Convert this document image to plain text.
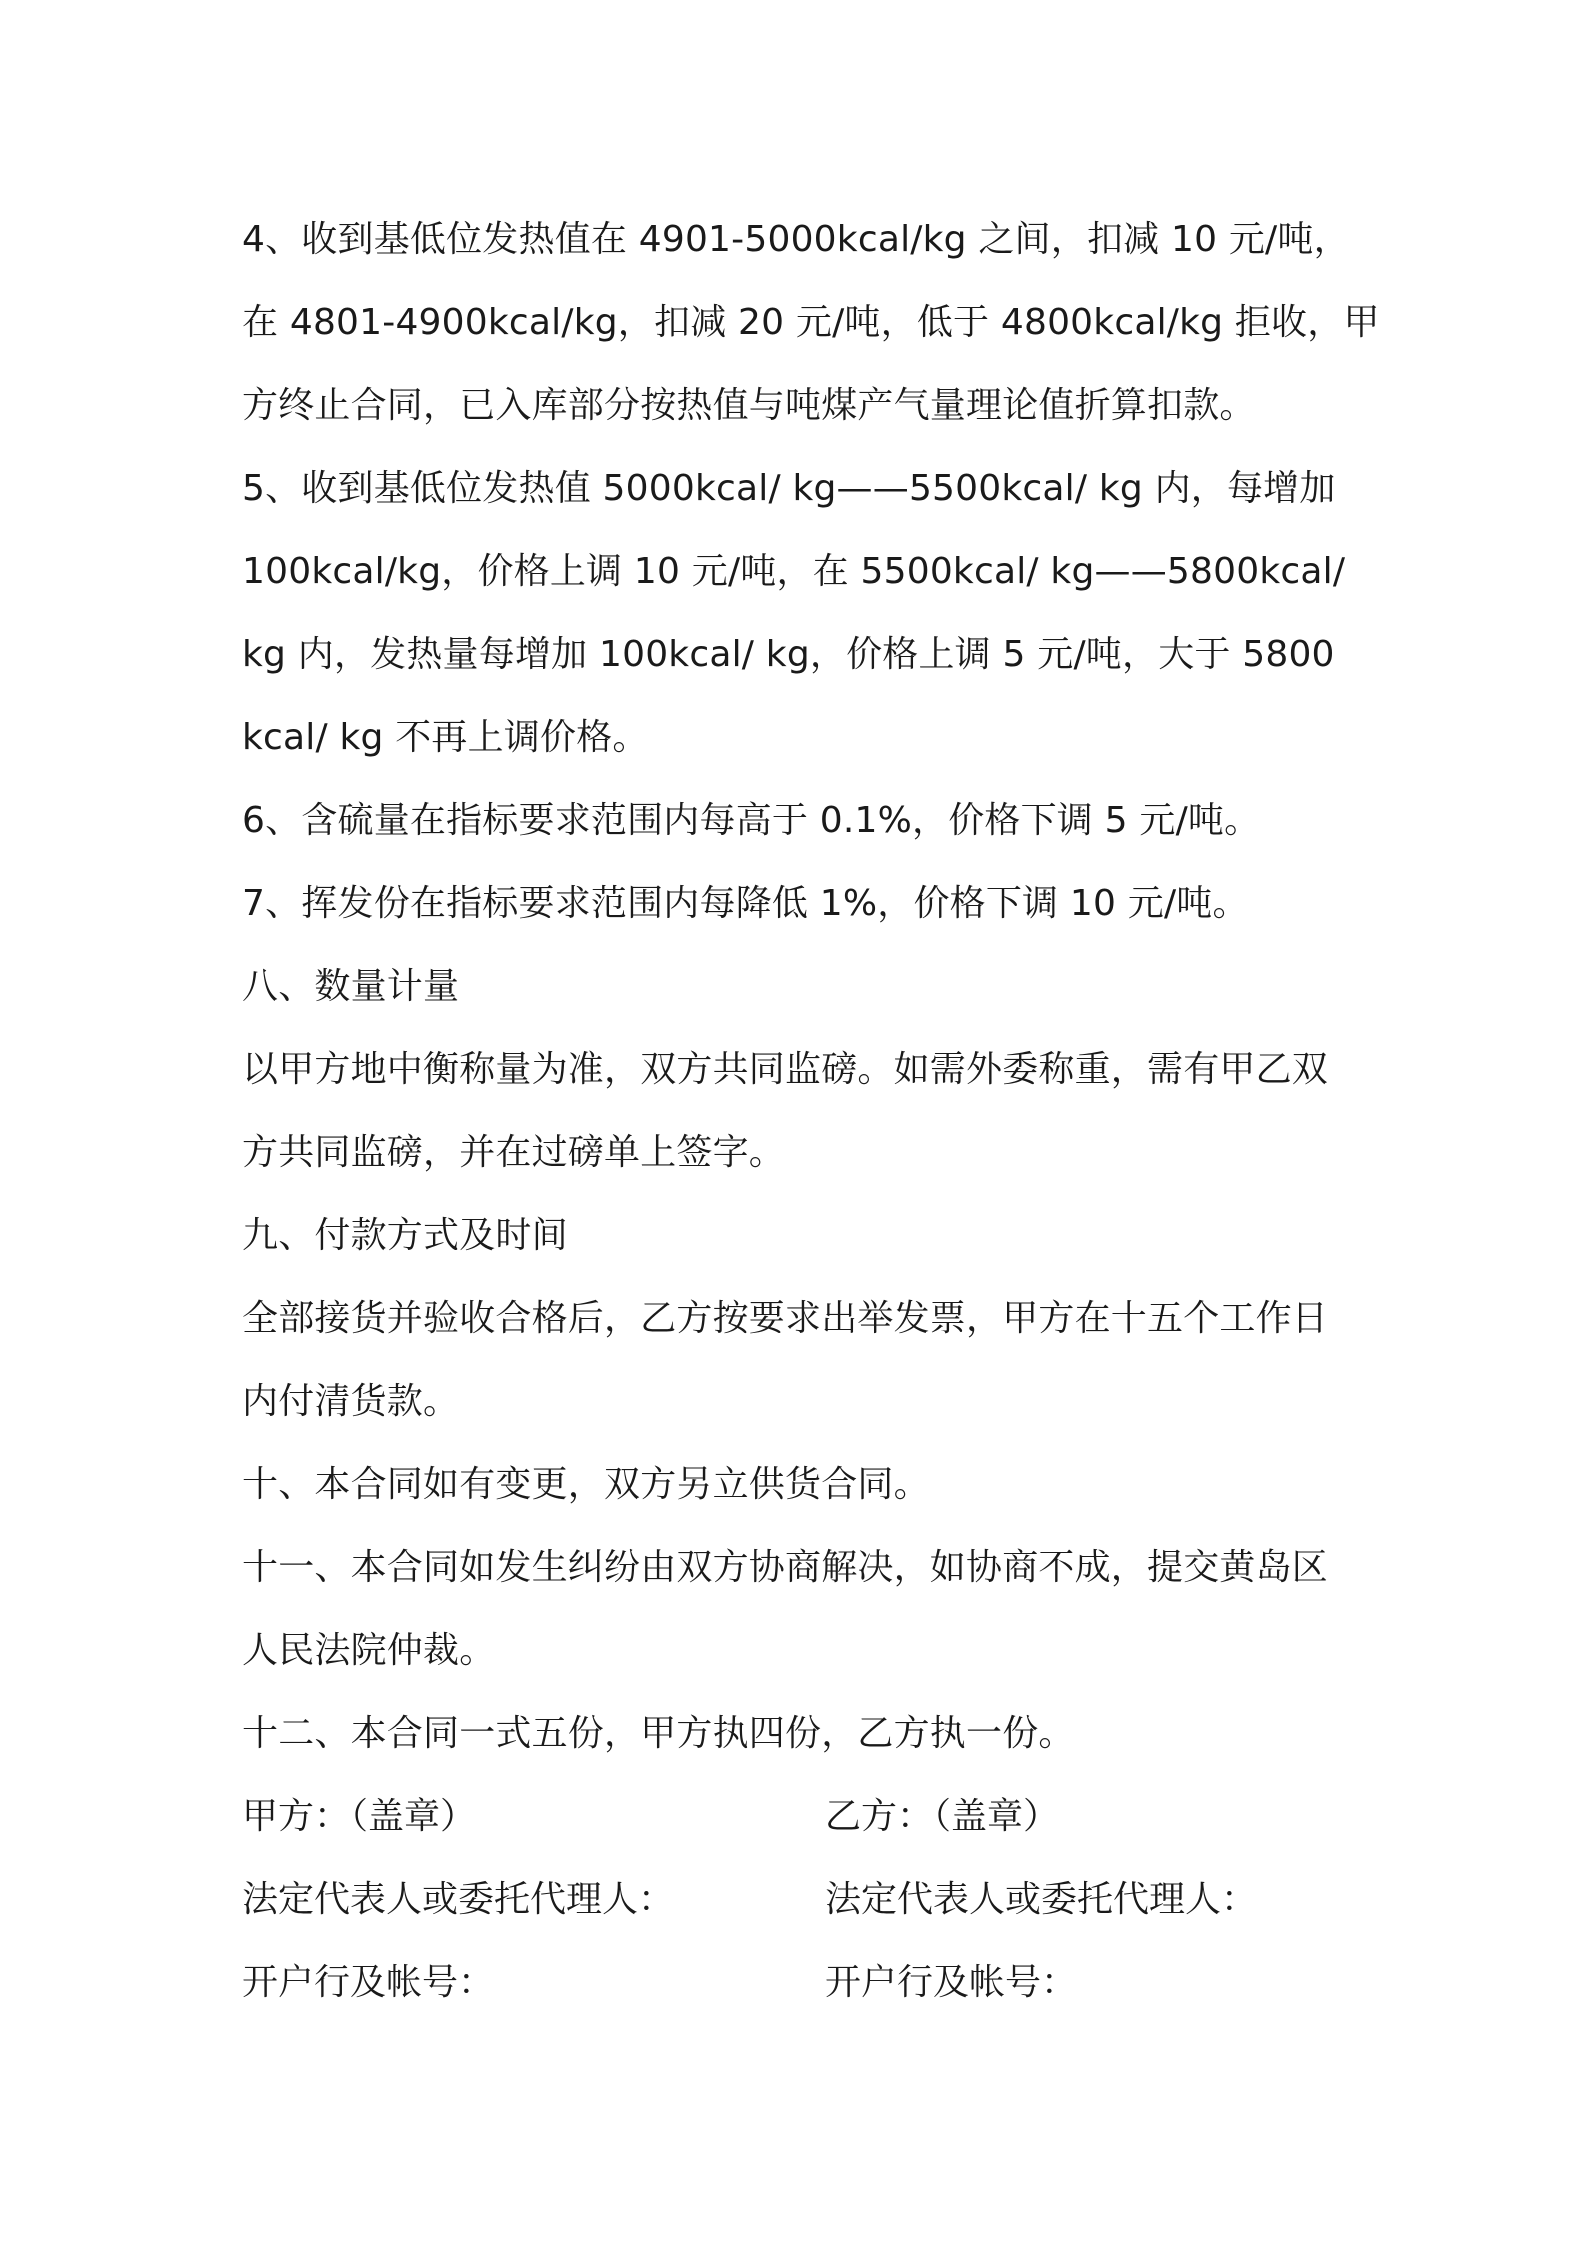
4、收到基低位发热值在 4901-5000kcal/kg 之间，扣减 10 元/吨，
在 4801-4900kcal/kg，扣减 20 元/吨，低于 4800kcal/kg 拒收，甲
方终止合同，已入库部分按热值与吨煤产气量理论值折算扣款。
5、收到基低位发热值 5000kcal/ kg——5500kcal/ kg 内，每增加
100kcal/kg，价格上调 10 元/吨，在 5500kcal/ kg——5800kcal/
kg 内，发热量每增加 100kcal/ kg，价格上调 5 元/吨，大于 5800
kcal/ kg 不再上调价格。
6、含硫量在指标要求范围内每高于 0.1%，价格下调 5 元/吨。
7、挥发份在指标要求范围内每降低 1%，价格下调 10 元/吨。
八、数量计量
以甲方地中衡称量为准，双方共同监磅。如需外委称重，需有甲乙双
方共同监磅，并在过磅单上签字。
九、付款方式及时间
全部接货并验收合格后，乙方按要求出举发票，甲方在十五个工作日
内付清货款。
十、本合同如有变更，双方另立供货合同。
十一、本合同如发生纠纷由双方协商解决，如协商不成，提交黄岛区
人民法院仲裁。
十二、本合同一式五份，甲方执四份，乙方执一份。
甲方：（盖章）	乙方：（盖章）
法定代表人或委托代理人：	法定代表人或委托代理人：
开户行及帐号：	开户行及帐号：
